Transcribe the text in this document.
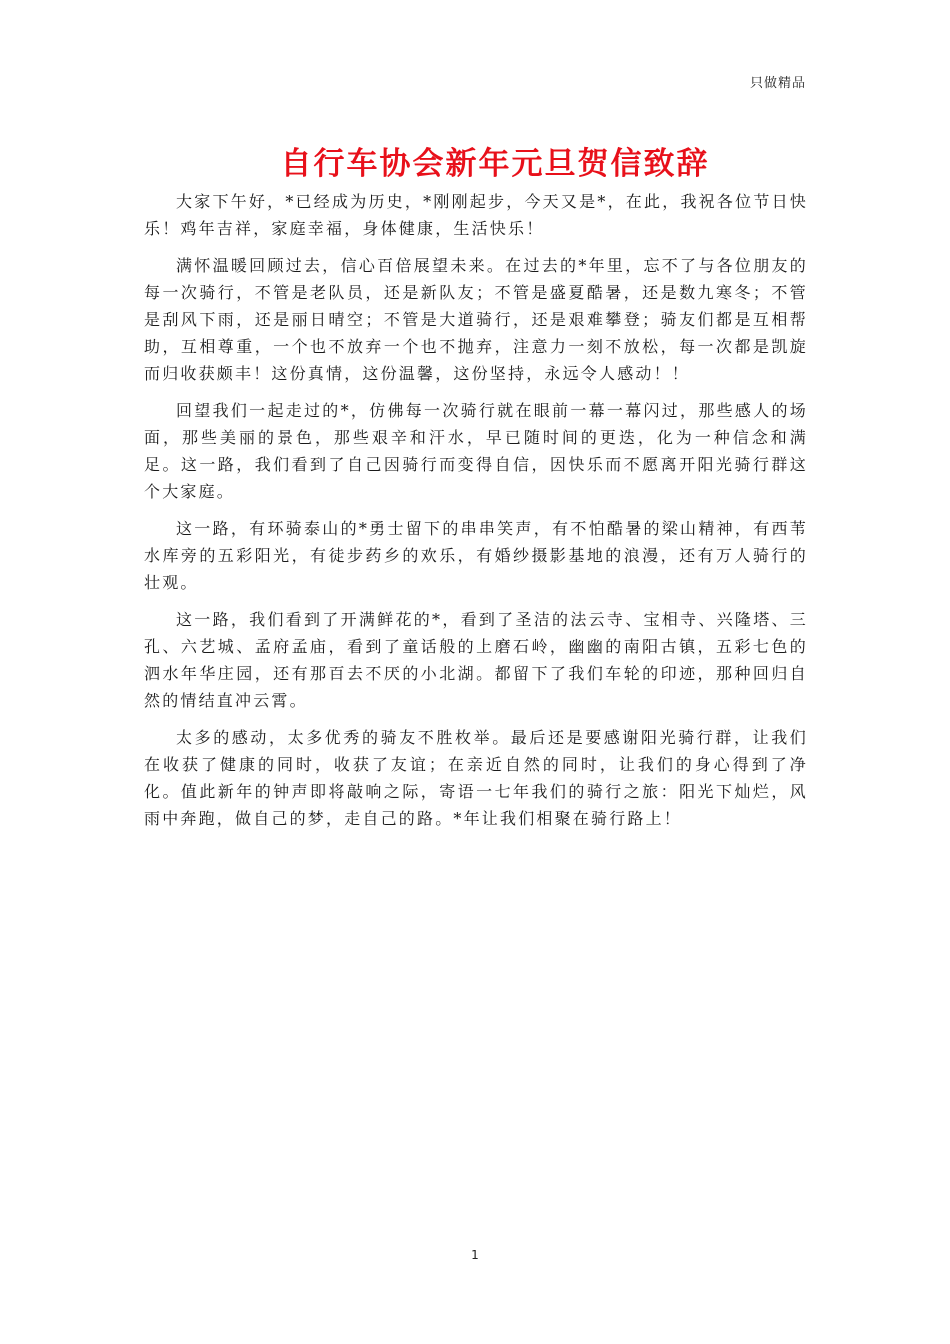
只做精品
自行车协会新年元旦贺信致辞

大家下午好，*已经成为历史，*刚刚起步，今天又是*，在此，我祝各位节日快乐！鸡年吉祥，家庭幸福，身体健康，生活快乐！

满怀温暖回顾过去，信心百倍展望未来。在过去的*年里，忘不了与各位朋友的每一次骑行，不管是老队员，还是新队友；不管是盛夏酷暑，还是数九寒冬；不管是刮风下雨，还是丽日晴空；不管是大道骑行，还是艰难攀登；骑友们都是互相帮助，互相尊重，一个也不放弃一个也不抛弃，注意力一刻不放松，每一次都是凯旋而归收获颇丰！这份真情，这份温馨，这份坚持，永远令人感动！！

回望我们一起走过的*，仿佛每一次骑行就在眼前一幕一幕闪过，那些感人的场面，那些美丽的景色，那些艰辛和汗水，早已随时间的更迭，化为一种信念和满足。这一路，我们看到了自己因骑行而变得自信，因快乐而不愿离开阳光骑行群这个大家庭。

这一路，有环骑泰山的*勇士留下的串串笑声，有不怕酷暑的梁山精神，有西苇水库旁的五彩阳光，有徒步药乡的欢乐，有婚纱摄影基地的浪漫，还有万人骑行的壮观。

这一路，我们看到了开满鲜花的*，看到了圣洁的法云寺、宝相寺、兴隆塔、三孔、六艺城、孟府孟庙，看到了童话般的上磨石岭，幽幽的南阳古镇，五彩七色的泗水年华庄园，还有那百去不厌的小北湖。都留下了我们车轮的印迹，那种回归自然的情结直冲云霄。

太多的感动，太多优秀的骑友不胜枚举。最后还是要感谢阳光骑行群，让我们在收获了健康的同时，收获了友谊；在亲近自然的同时，让我们的身心得到了净化。值此新年的钟声即将敲响之际，寄语一七年我们的骑行之旅：阳光下灿烂，风雨中奔跑，做自己的梦，走自己的路。*年让我们相聚在骑行路上！

1
